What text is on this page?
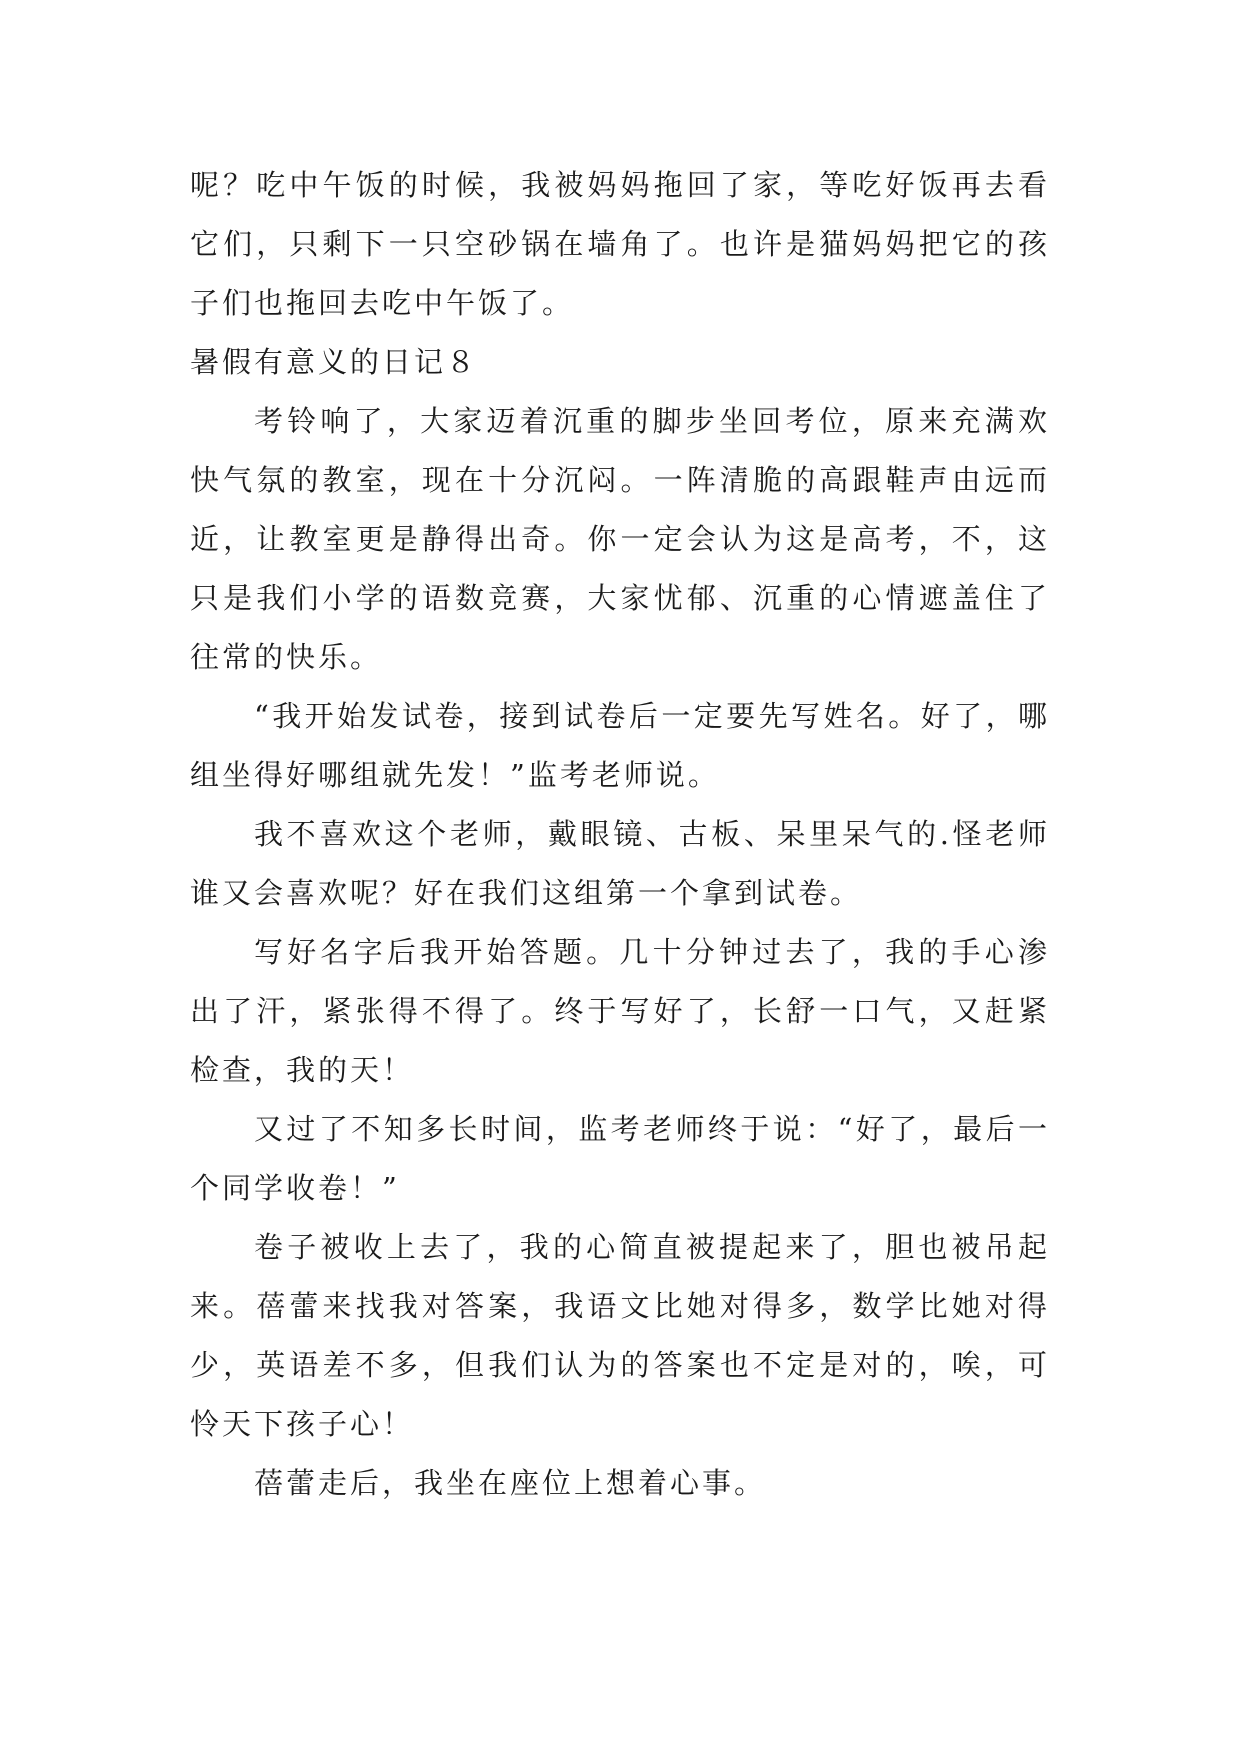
呢？吃中午饭的时候，我被妈妈拖回了家，等吃好饭再去看它们，只剩下一只空砂锅在墙角了。也许是猫妈妈把它的孩子们也拖回去吃中午饭了。

暑假有意义的日记８

考铃响了，大家迈着沉重的脚步坐回考位，原来充满欢快气氛的教室，现在十分沉闷。一阵清脆的高跟鞋声由远而近，让教室更是静得出奇。你一定会认为这是高考，不，这只是我们小学的语数竞赛，大家忧郁、沉重的心情遮盖住了往常的快乐。

“我开始发试卷，接到试卷后一定要先写姓名。好了，哪组坐得好哪组就先发！”监考老师说。

我不喜欢这个老师，戴眼镜、古板、呆里呆气的.怪老师谁又会喜欢呢？好在我们这组第一个拿到试卷。

写好名字后我开始答题。几十分钟过去了，我的手心渗出了汗，紧张得不得了。终于写好了，长舒一口气，又赶紧检查，我的天！

又过了不知多长时间，监考老师终于说：“好了，最后一个同学收卷！”

卷子被收上去了，我的心简直被提起来了，胆也被吊起来。蓓蕾来找我对答案，我语文比她对得多，数学比她对得少，英语差不多，但我们认为的答案也不定是对的，唉，可怜天下孩子心！

蓓蕾走后，我坐在座位上想着心事。
